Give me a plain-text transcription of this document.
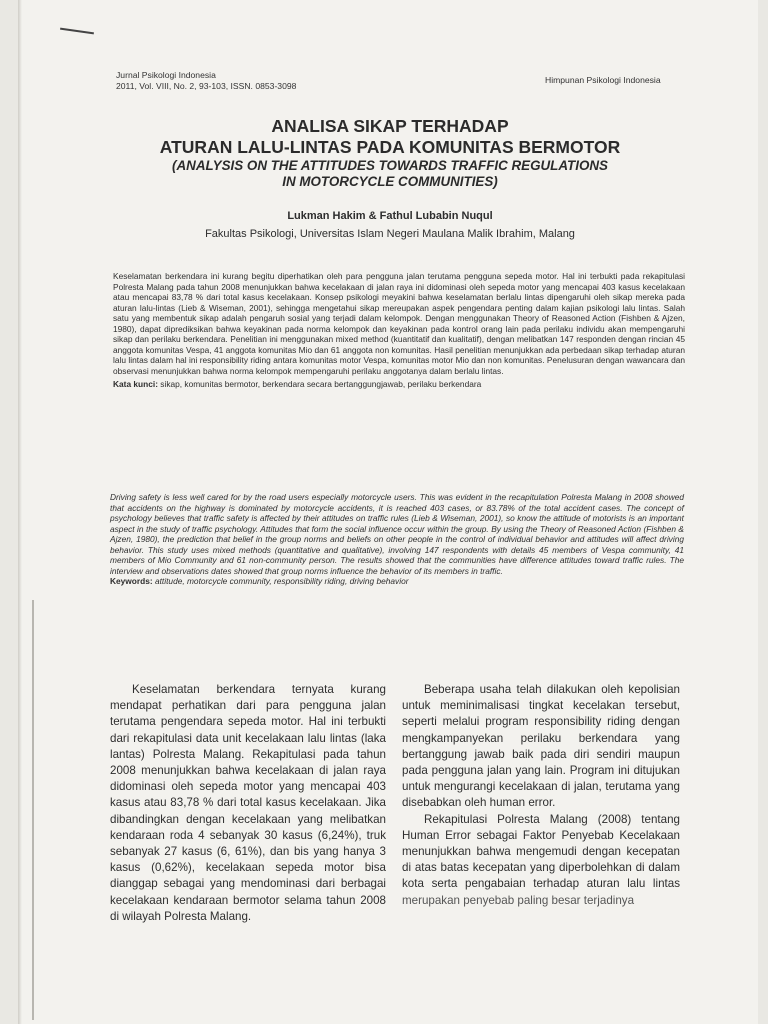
Jurnal Psikologi Indonesia
2011, Vol. VIII, No. 2, 93-103, ISSN. 0853-3098
Himpunan Psikologi Indonesia
ANALISA SIKAP TERHADAP
ATURAN LALU-LINTAS PADA KOMUNITAS BERMOTOR
(ANALYSIS ON THE ATTITUDES TOWARDS TRAFFIC REGULATIONS
IN MOTORCYCLE COMMUNITIES)
Lukman Hakim & Fathul Lubabin Nuqul
Fakultas Psikologi, Universitas Islam Negeri Maulana Malik Ibrahim, Malang

Keselamatan berkendara ini kurang begitu diperhatikan oleh para pengguna jalan terutama pengguna sepeda motor. Hal ini terbukti pada rekapitulasi Polresta Malang pada tahun 2008 menunjukkan bahwa kecelakaan di jalan raya ini didominasi oleh sepeda motor yang mencapai 403 kasus kecelakaan atau mencapai 83,78 % dari total kasus kecelakaan. Konsep psikologi meyakini bahwa keselamatan berlalu lintas dipengaruhi oleh sikap mereka pada aturan lalu-lintas (Lieb & Wiseman, 2001), sehingga mengetahui sikap mereupakan aspek pengendara penting dalam kajian psikologi lalu lintas. Salah satu yang membentuk sikap adalah pengaruh sosial yang terjadi dalam kelompok. Dengan menggunakan Theory of Reasoned Action (Fishben & Ajzen, 1980), dapat diprediksikan bahwa keyakinan pada norma kelompok dan keyakinan pada kontrol orang lain pada perilaku individu akan mempengaruhi sikap dan perilaku berkendara. Penelitian ini menggunakan mixed method (kuantitatif dan kualitatif), dengan melibatkan 147 responden dengan rincian 45 anggota komunitas Vespa, 41 anggota komunitas Mio dan 61 anggota non komunitas. Hasil penelitian menunjukkan ada perbedaan sikap terhadap aturan lalu lintas dalam hal ini responsibility riding antara komunitas motor Vespa, komunitas motor Mio dan non komunitas. Penelusuran dengan wawancara dan observasi menunjukkan bahwa norma kelompok mempengaruhi perilaku anggotanya dalam berlalu lintas.

Kata kunci: sikap, komunitas bermotor, berkendara secara bertanggungjawab, perilaku berkendara

Driving safety is less well cared for by the road users especially motorcycle users. This was evident in the recapitulation Polresta Malang in 2008 showed that accidents on the highway is dominated by motorcycle accidents, it is reached 403 cases, or 83.78% of the total accident cases. The concept of psychology believes that traffic safety is affected by their attitudes on traffic rules (Lieb & Wiseman, 2001), so know the attitude of motorists is an important aspect in the study of traffic psychology. Attitudes that form the social influence occur within the group. By using the Theory of Reasoned Action (Fishben & Ajzen, 1980), the prediction that belief in the group norms and beliefs on other people in the control of individual behavior and attitudes will affect driving behavior. This study uses mixed methods (quantitative and qualitative), involving 147 respondents with details 45 members of Vespa community, 41 members of Mio Community and 61 non-community person. The results showed that the communities have difference attitudes toward traffic rules. The interview and observations dates showed that group norms influence the behavior of its members in traffic.

Keywords: attitude, motorcycle community, responsibility riding, driving behavior

Keselamatan berkendara ternyata kurang mendapat perhatikan dari para pengguna jalan terutama pengendara sepeda motor. Hal ini terbukti dari rekapitulasi data unit kecelakaan lalu lintas (laka lantas) Polresta Malang. Rekapitulasi pada tahun 2008 menunjukkan bahwa kecelakaan di jalan raya didominasi oleh sepeda motor yang mencapai 403 kasus atau 83,78 % dari total kasus kecelakaan. Jika dibandingkan dengan kecelakaan yang melibatkan kendaraan roda 4 sebanyak 30 kasus (6,24%), truk sebanyak 27 kasus (6, 61%), dan bis yang hanya 3 kasus (0,62%), kecelakaan sepeda motor bisa dianggap sebagai yang mendominasi dari berbagai kecelakaan kendaraan bermotor selama tahun 2008 di wilayah Polresta Malang.

Beberapa usaha telah dilakukan oleh kepolisian untuk meminimalisasi tingkat kecelakan tersebut, seperti melalui program responsibility riding dengan mengkampanyekan perilaku berkendara yang bertanggung jawab baik pada diri sendiri maupun pada pengguna jalan yang lain. Program ini ditujukan untuk mengurangi kecelakaan di jalan, terutama yang disebabkan oleh human error.

Rekapitulasi Polresta Malang (2008) tentang Human Error sebagai Faktor Penyebab Kecelakaan menunjukkan bahwa mengemudi dengan kecepatan di atas batas kecepatan yang diperbolehkan di dalam kota serta pengabaian terhadap aturan lalu lintas merupakan penyebab paling besar terjadinya
